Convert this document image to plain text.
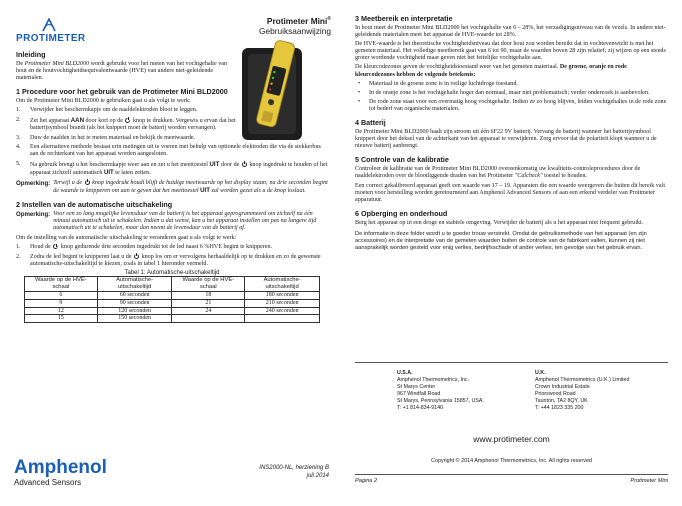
PROTIMETER
Protimeter Mini®
Gebruiksaanwijzing
Inleiding

De Protimeter Mini BLD2000 wordt gebruikt voor het meten van het vochtgehalte van hout en de houtvochtigheidsequivalentwaarde (HVE) van andere niet-geleidende materialen.

1 Procedure voor het gebruik van de Protimeter Mini BLD2000

Om de Protimeter Mini BLD2000 te gebruiken gaat u als volgt te werk:

1. Verwijder het beschermkapje om de naaldelektroden bloot te leggen.
2. Zet het apparaat AAN door kort op de  knop te drukken. Vergewis u ervan dat het batterijsymbool brandt (als het knippert moet de batterij worden vervangen).
3. Duw de naalden in het te meten materiaal en bekijk de meetwaarde.
4. Een alternatieve methode bestaat erin metingen uit te voeren met behulp van optionele elektroden die via de stekkerbus aan de rechterkant van het apparaat worden aangesloten.
5. Na gebruik brengt u het beschermkapje weer aan en zet u het meettoestel UIT door de  knop ingedrukt te houden of het apparaat zichzelf automatisch UIT te laten zetten.
Opmerking: Terwijl u de  knop ingedrukt houdt blijft de huidige meetwaarde op het display staan; na drie seconden begint de waarde te knipperen om aan te geven dat het meettoestel UIT zal worden gezet als u de knop loslaat.
2 Instellen van de automatische uitschakeling
Opmerking: Voor een zo lang mogelijke levensduur van de batterij is het apparaat geprogrammeerd om zichzelf na één minuut automatisch uit te schakelen. Indien u dat wenst, kan u het apparaat instellen om pas na langere tijd automatisch uit te schakelen, maar dan neemt de levensduur van de batterij af.

Om de instelling van de automatische uitschakeling te veranderen gaat u als volgt te werk:

1. Houd de  knop gedurende drie seconden ingedrukt tot de led naast 6 %HVE begint te knipperen.
2. Zodra de led begint te knipperen laat u de  knop los om er vervolgens herhaaldelijk op te drukken en zo de gewenste automatische-uitschakeltijd te kiezen, zoals in tabel 1 hieronder vermeld.
Tabel 1: Automatische-uitschakeltijd
Waarde op de HVE-schaal	Automatische-uitschakeltijd	Waarde op de HVE-schaal	Automatische-uitschakeltijd
6	60 seconden	18	180 seconden
9	90 seconden	21	210 seconden
12	120 seconden	24	240 seconden
15	150 seconden		
Amphenol
Advanced Sensors
INS2000-NL, herziening B
juli 2014
3 Meetbereik en interpretatie

In hout meet de Protimeter Mini BLD2000 het vochtgehalte van 6 – 28%, het verzadigingsniveau van de vezels. In andere niet-geleidende materialen meet het apparaat de HVE-waarde tot 28%.

De HVE-waarde is het theoretische vochtigheidsniveau dat door hout zou worden bereikt dat in vochtevenwicht is met het gemeten materiaal. Het volledige meetbereik gaat van 6 tot 90, maar de waarden boven 28 zijn relatief; zij wijzen op een steeds groter wordende vochtigheid maar geven niet het feitelijke vochtgehalte aan.

De kleurcodezones geven de vochtigheidstoestand weer van het gemeten materiaal. De groene, oranje en rode kleurcodezones hebben de volgende betekenis:

• Materiaal in de groene zone is in veilige luchtdroge toestand.
• In de oranje zone is het vochtgehalte hoger dan normaal, maar niet problematisch; verder onderzoek is aanbevolen.
• De rode zone staat voor een overmatig hoog vochtgehalte. Indien ze zo hoog blijven, leiden vochtgehaltes in de rode zone tot bederf van organische materialen.
4 Batterij

De Protimeter Mini BLD2000 haalt zijn stroom uit één 6F22 9V batterij. Vervang de batterij wanneer het batterijsymbool knippert door het deksel van de achterkant van het apparaat te verwijderen. Zorg ervoor dat de polariteit klopt wanneer u de nieuwe batterij aanbrengt.

5 Controle van de kalibratie

Controleer de kalibratie van de Protimeter Mini BLD2000 overeenkomstig uw kwaliteits-controleprocedures door de naaldelektroden over de blootliggende draden van het Protimeter "Calcheck" toestel te houden.

Een correct gekalibreerd apparaat geeft een waarde van 17 – 19. Apparaten die een waarde weergeven die buiten dit bereik valt moeten voor herstelling worden geretourneerd aan Amphenol Advanced Sensors of aan een erkend verdeler van Protimeter apparatuur.

6 Opberging en onderhoud

Berg het apparaat op in een droge en stabiele omgeving. Verwijder de batterij als u het apparaat niet frequent gebruikt.

De informatie in deze folder wordt u te goeder trouw verstrekt. Omdat de gebruiksmethode van het apparaat (en zijn accessoires) en de interpretatie van de gemeten waarden buiten de controle van de fabrikant vallen, kunnen zij niet aansprakelijk worden gesteld voor enig verlies, bedrijfsschade of ander verlies, ten gevolge van het gebruik ervan.

U.S.A.
Amphenol Thermometrics, Inc.
St Marys Center
967 Windfall Road
St Marys, Pennsylvania 15857, USA.
T: +1 814-834-9140
U.K.
Amphenol Thermometrics (U.K.) Limited
Crown Industrial Estate
Priorswood Road
Taunton, TA2 8QY, UK
T: +44 1823 335 200
www.protimeter.com
Copyright © 2014 Amphenol Thermometrics, Inc. All rights reserved
Pagina 2	Protimeter Mini
